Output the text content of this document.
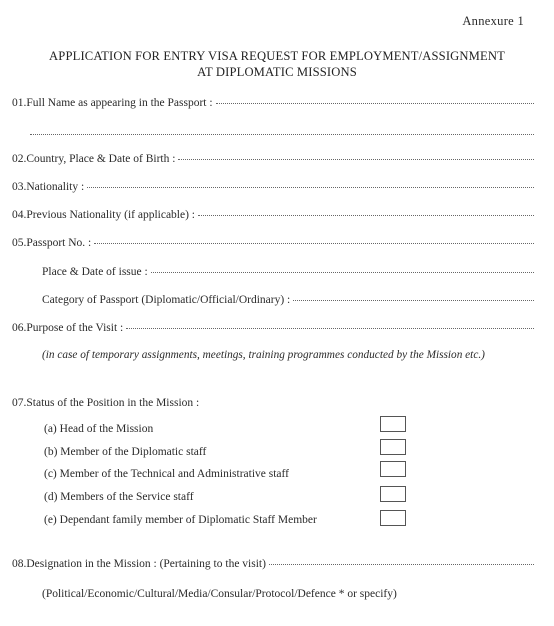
Annexure 1
APPLICATION FOR ENTRY VISA REQUEST FOR EMPLOYMENT/ASSIGNMENT
AT DIPLOMATIC MISSIONS
01.Full Name as appearing in the Passport :
02.Country, Place & Date of Birth :
03.Nationality :
04.Previous Nationality (if applicable) :
05.Passport No. :
Place & Date of issue :
Category of Passport (Diplomatic/Official/Ordinary) :
06.Purpose of the Visit :
(in case of temporary assignments, meetings, training programmes conducted by the Mission etc.)
07.Status of the Position in the Mission :
(a) Head of the Mission
(b) Member of the Diplomatic staff
(c) Member of the Technical and Administrative staff
(d) Members of the Service staff
(e) Dependant family member of Diplomatic Staff Member
08.Designation in the Mission : (Pertaining to the visit)
(Political/Economic/Cultural/Media/Consular/Protocol/Defence * or specify)
